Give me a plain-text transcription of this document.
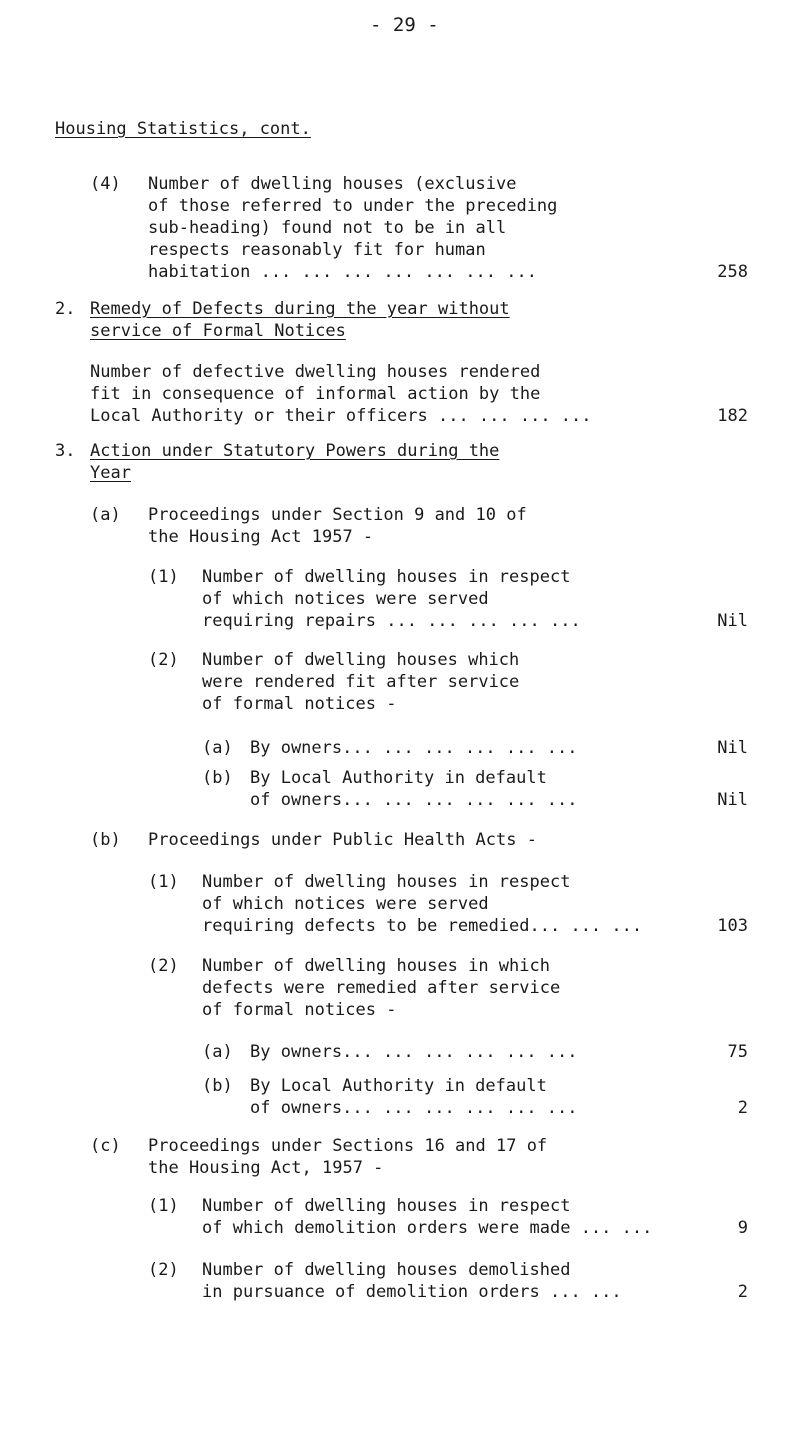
- 29 -
Housing Statistics, cont.
(4) Number of dwelling houses (exclusive
of those referred to under the preceding
sub-heading) found not to be in all
respects reasonably fit for human
habitation ... ... ... ... ... ... ...	258
2. Remedy of Defects during the year without
service of Formal Notices
Number of defective dwelling houses rendered
fit in consequence of informal action by the
Local Authority or their officers ... ... ... ...	182
3. Action under Statutory Powers during the
Year
(a) Proceedings under Section 9 and 10 of
the Housing Act 1957 -
(1) Number of dwelling houses in respect
of which notices were served
requiring repairs ... ... ... ... ...	Nil
(2) Number of dwelling houses which
were rendered fit after service
of formal notices -
(a) By owners... ... ... ... ... ...	Nil
(b) By Local Authority in default
of owners... ... ... ... ... ...	Nil
(b) Proceedings under Public Health Acts -
(1) Number of dwelling houses in respect
of which notices were served
requiring defects to be remedied... ... ...	103
(2) Number of dwelling houses in which
defects were remedied after service
of formal notices -
(a) By owners... ... ... ... ... ...	75
(b) By Local Authority in default
of owners... ... ... ... ... ...	2
(c) Proceedings under Sections 16 and 17 of
the Housing Act, 1957 -
(1) Number of dwelling houses in respect
of which demolition orders were made ... ...	9
(2) Number of dwelling houses demolished
in pursuance of demolition orders ... ...	2
